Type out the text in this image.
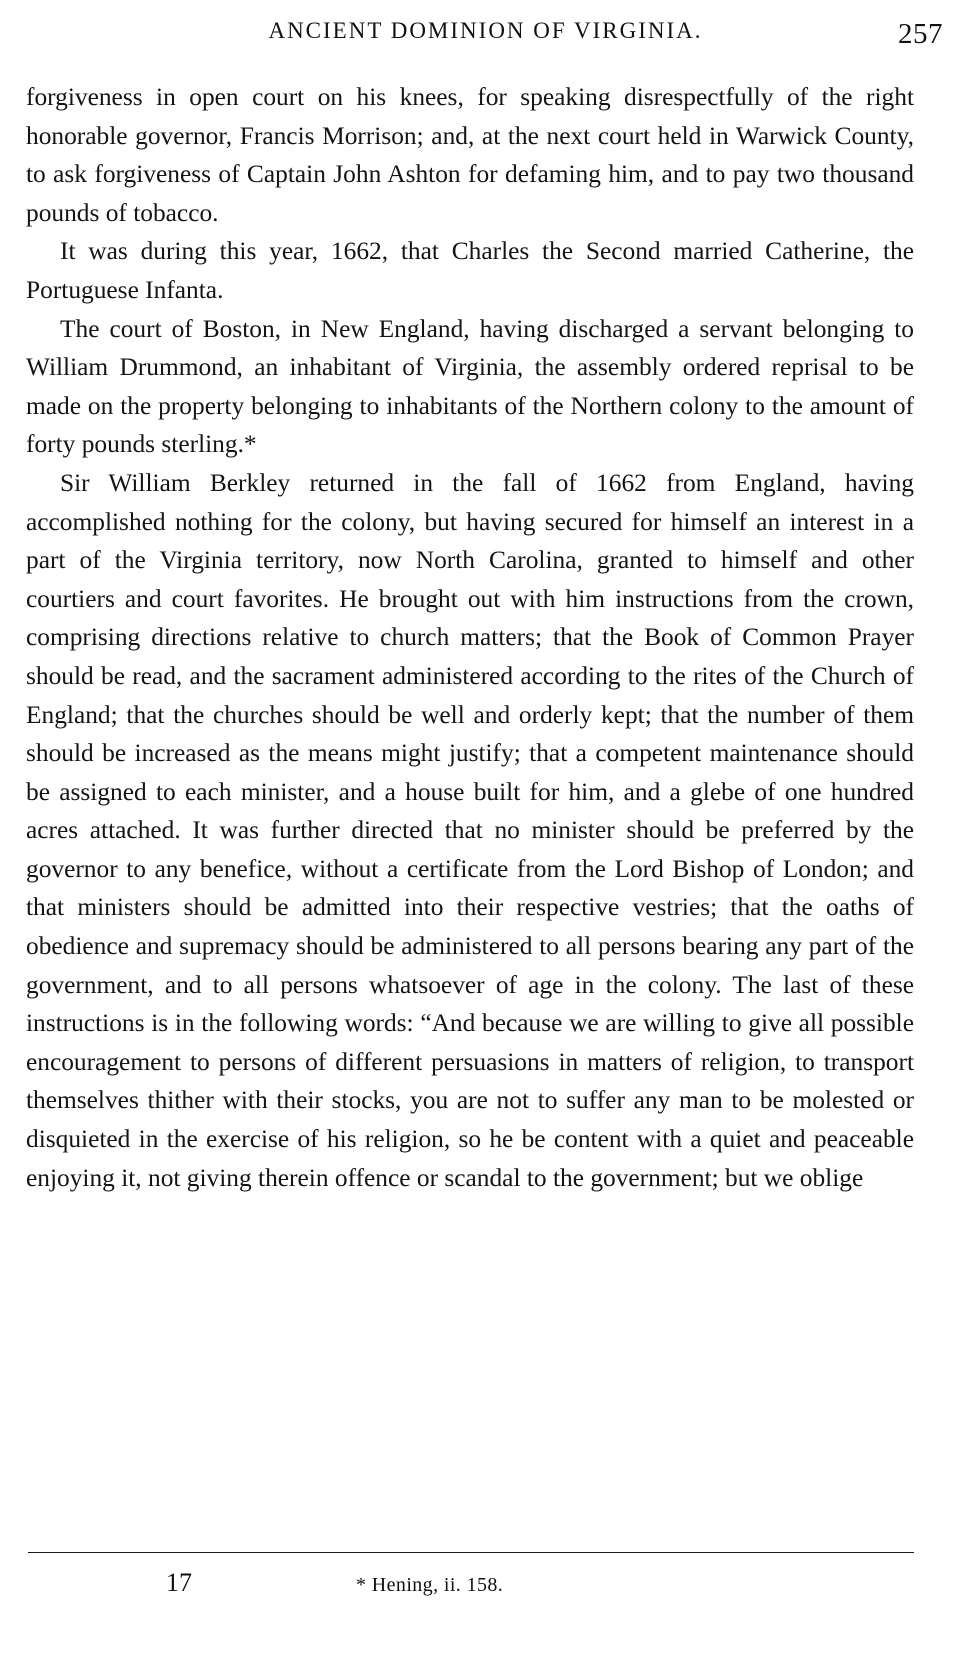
ANCIENT DOMINION OF VIRGINIA.	257

forgiveness in open court on his knees, for speaking disrespectfully of the right honorable governor, Francis Morrison; and, at the next court held in Warwick County, to ask forgiveness of Captain John Ashton for defaming him, and to pay two thousand pounds of tobacco.

It was during this year, 1662, that Charles the Second married Catherine, the Portuguese Infanta.

The court of Boston, in New England, having discharged a servant belonging to William Drummond, an inhabitant of Virginia, the assembly ordered reprisal to be made on the property belonging to inhabitants of the Northern colony to the amount of forty pounds sterling.*

Sir William Berkley returned in the fall of 1662 from England, having accomplished nothing for the colony, but having secured for himself an interest in a part of the Virginia territory, now North Carolina, granted to himself and other courtiers and court favorites. He brought out with him instructions from the crown, comprising directions relative to church matters; that the Book of Common Prayer should be read, and the sacrament administered according to the rites of the Church of England; that the churches should be well and orderly kept; that the number of them should be increased as the means might justify; that a competent maintenance should be assigned to each minister, and a house built for him, and a glebe of one hundred acres attached. It was further directed that no minister should be preferred by the governor to any benefice, without a certificate from the Lord Bishop of London; and that ministers should be admitted into their respective vestries; that the oaths of obedience and supremacy should be administered to all persons bearing any part of the government, and to all persons whatsoever of age in the colony. The last of these instructions is in the following words: “And because we are willing to give all possible encouragement to persons of different persuasions in matters of religion, to transport themselves thither with their stocks, you are not to suffer any man to be molested or disquieted in the exercise of his religion, so he be content with a quiet and peaceable enjoying it, not giving therein offence or scandal to the government; but we oblige

17	* Hening, ii. 158.
